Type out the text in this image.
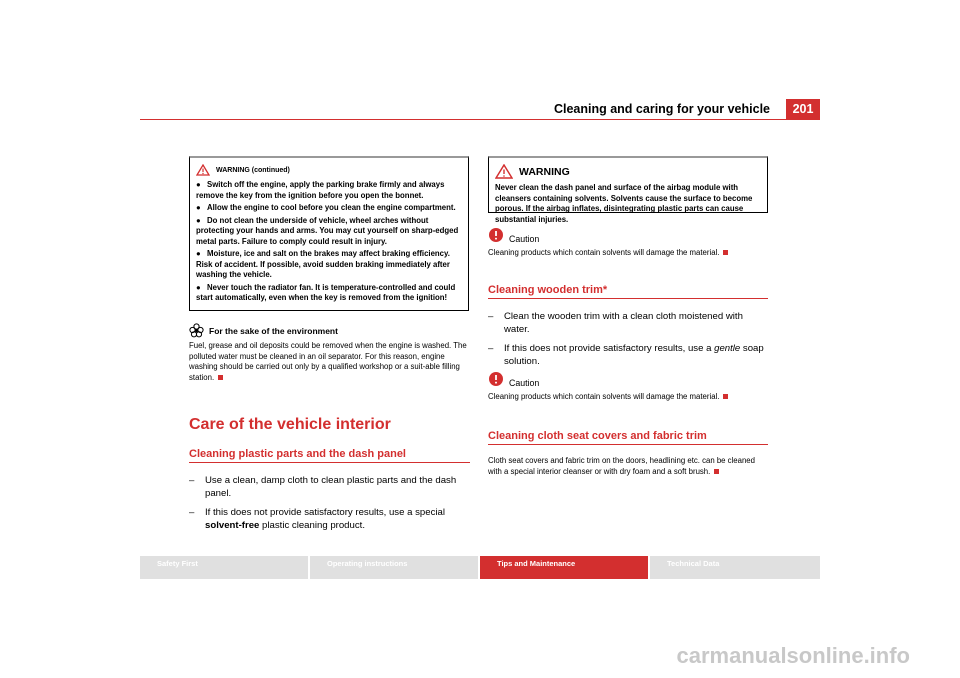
Cleaning and caring for your vehicle	201
WARNING (continued)
● Switch off the engine, apply the parking brake firmly and always remove the key from the ignition before you open the bonnet.
● Allow the engine to cool before you clean the engine compartment.
● Do not clean the underside of vehicle, wheel arches without protecting your hands and arms. You may cut yourself on sharp-edged metal parts. Failure to comply could result in injury.
● Moisture, ice and salt on the brakes may affect braking efficiency. Risk of accident. If possible, avoid sudden braking immediately after washing the vehicle.
● Never touch the radiator fan. It is temperature-controlled and could start automatically, even when the key is removed from the ignition!
For the sake of the environment
Fuel, grease and oil deposits could be removed when the engine is washed. The polluted water must be cleaned in an oil separator. For this reason, engine washing should be carried out only by a qualified workshop or a suit-able filling station.
Care of the vehicle interior
Cleaning plastic parts and the dash panel
–	Use a clean, damp cloth to clean plastic parts and the dash panel.
–	If this does not provide satisfactory results, use a special solvent-free plastic cleaning product.
WARNING
Never clean the dash panel and surface of the airbag module with cleansers containing solvents. Solvents cause the surface to become porous. If the airbag inflates, disintegrating plastic parts can cause substantial injuries.
Caution
Cleaning products which contain solvents will damage the material.
Cleaning wooden trim*
–	Clean the wooden trim with a clean cloth moistened with water.
–	If this does not provide satisfactory results, use a gentle soap solution.
Caution
Cleaning products which contain solvents will damage the material.
Cleaning cloth seat covers and fabric trim
Cloth seat covers and fabric trim on the doors, headlining etc. can be cleaned with a special interior cleanser or with dry foam and a soft brush.
Safety First	Operating instructions	Tips and Maintenance	Technical Data
carmanualsonline.info
